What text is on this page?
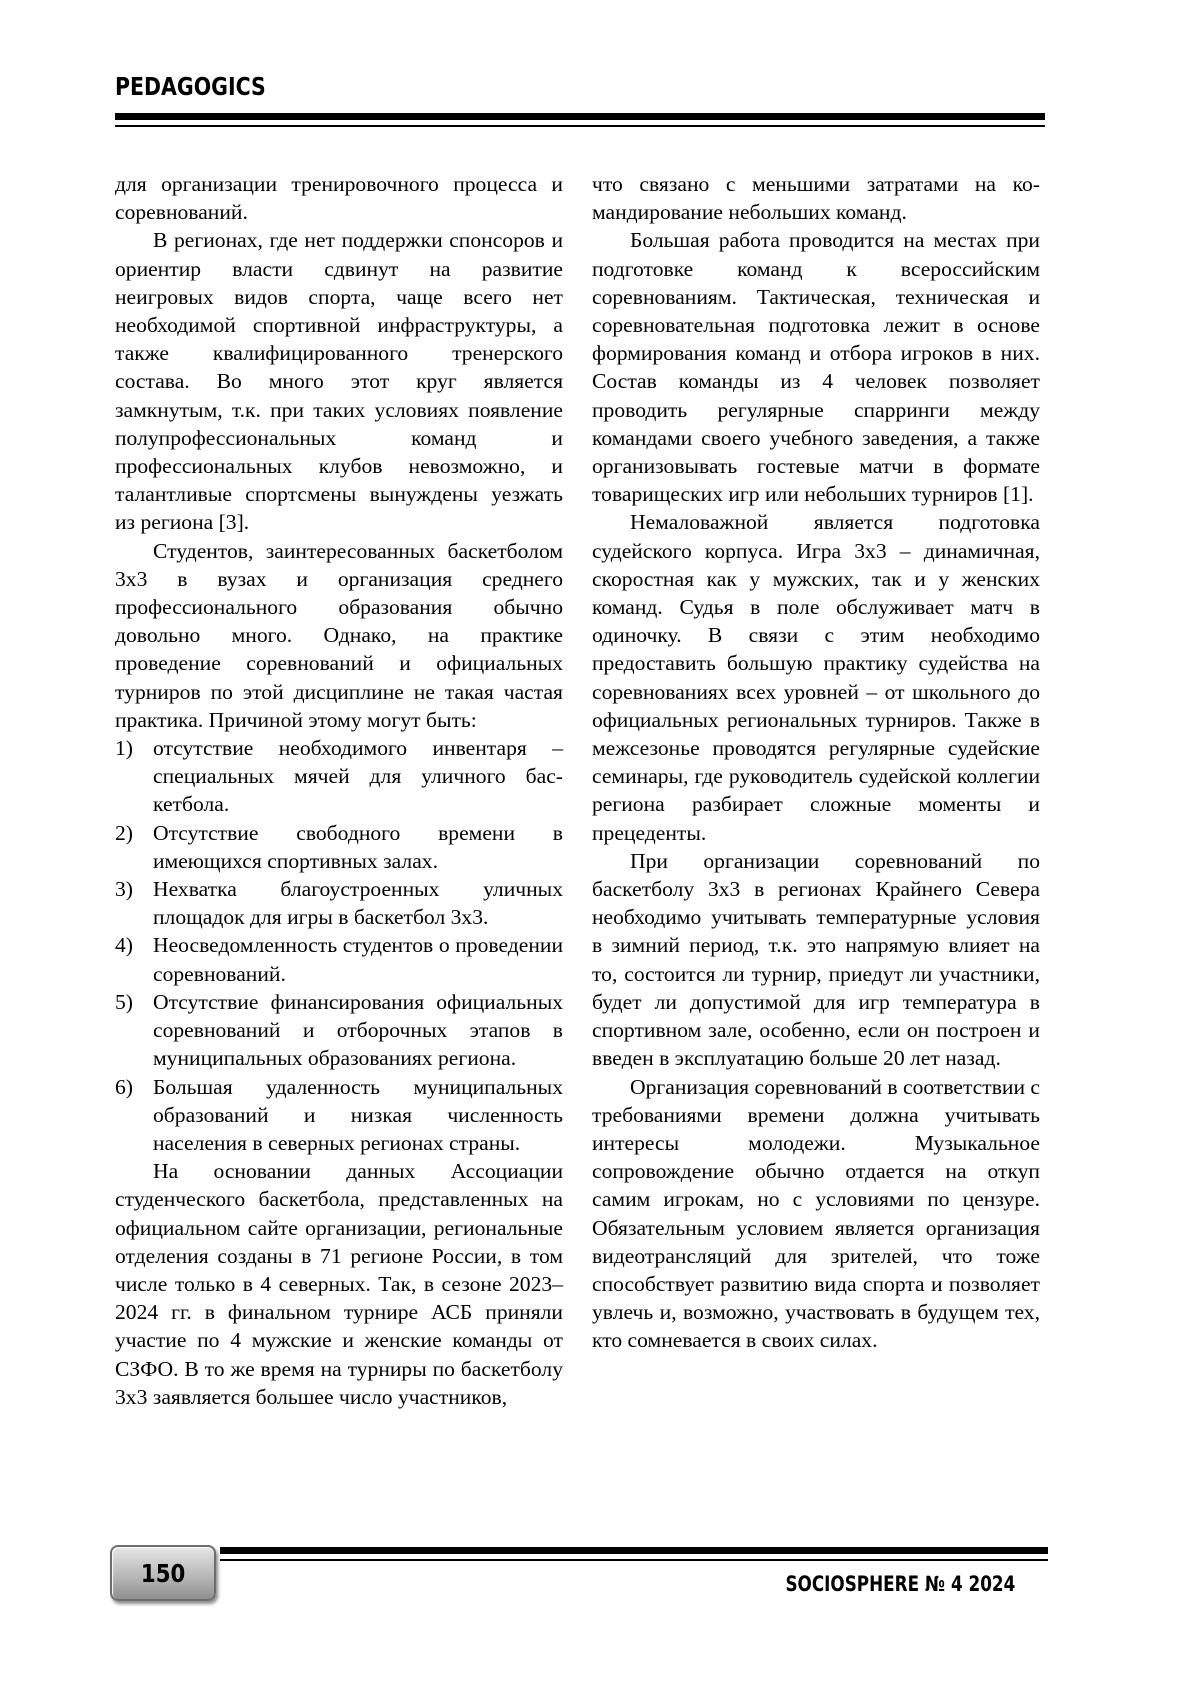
PEDAGOGICS

для организации тренировочного процесса и соревнований.

В регионах, где нет поддержки спонсоров и ориентир власти сдвинут на развитие неигровых видов спорта, чаще всего нет необходимой спортивной инфраструктуры, а также квалифицированного тренерского состава. Во много этот круг является замкнутым, т.к. при таких условиях появление полупрофессиональных команд и профессиональных клубов невозможно, и талантливые спортсмены вынуждены уезжать из региона [3].

Студентов, заинтересованных баскетболом 3х3 в вузах и организация среднего профессионального образования обычно довольно много. Однако, на практике проведение соревнований и официальных турниров по этой дисциплине не такая частая практика. Причиной этому могут быть:

1) отсутствие необходимого инвентаря – специальных мячей для уличного баскетбола.
2) Отсутствие свободного времени в имеющихся спортивных залах.
3) Нехватка благоустроенных уличных площадок для игры в баскетбол 3х3.
4) Неосведомленность студентов о проведении соревнований.
5) Отсутствие финансирования официальных соревнований и отборочных этапов в муниципальных образованиях региона.
6) Большая удаленность муниципальных образований и низкая численность населения в северных регионах страны.

На основании данных Ассоциации студенческого баскетбола, представленных на официальном сайте организации, региональные отделения созданы в 71 регионе России, в том числе только в 4 северных. Так, в сезоне 2023–2024 гг. в финальном турнире АСБ приняли участие по 4 мужские и женские команды от СЗФО. В то же время на турниры по баскетболу 3х3 заявляется большее число участников,

что связано с меньшими затратами на командирование небольших команд.

Большая работа проводится на местах при подготовке команд к всероссийским соревнованиям. Тактическая, техническая и соревновательная подготовка лежит в основе формирования команд и отбора игроков в них. Состав команды из 4 человек позволяет проводить регулярные спарринги между командами своего учебного заведения, а также организовывать гостевые матчи в формате товарищеских игр или небольших турниров [1].

Немаловажной является подготовка судейского корпуса. Игра 3х3 – динамичная, скоростная как у мужских, так и у женских команд. Судья в поле обслуживает матч в одиночку. В связи с этим необходимо предоставить большую практику судейства на соревнованиях всех уровней – от школьного до официальных региональных турниров. Также в межсезонье проводятся регулярные судейские семинары, где руководитель судейской коллегии региона разбирает сложные моменты и прецеденты.

При организации соревнований по баскетболу 3х3 в регионах Крайнего Севера необходимо учитывать температурные условия в зимний период, т.к. это напрямую влияет на то, состоится ли турнир, приедут ли участники, будет ли допустимой для игр температура в спортивном зале, особенно, если он построен и введен в эксплуатацию больше 20 лет назад.

Организация соревнований в соответствии с требованиями времени должна учитывать интересы молодежи. Музыкальное сопровождение обычно отдается на откуп самим игрокам, но с условиями по цензуре. Обязательным условием является организация видеотрансляций для зрителей, что тоже способствует развитию вида спорта и позволяет увлечь и, возможно, участвовать в будущем тех, кто сомневается в своих силах.

150	SOCIOSPHERE № 4 2024
